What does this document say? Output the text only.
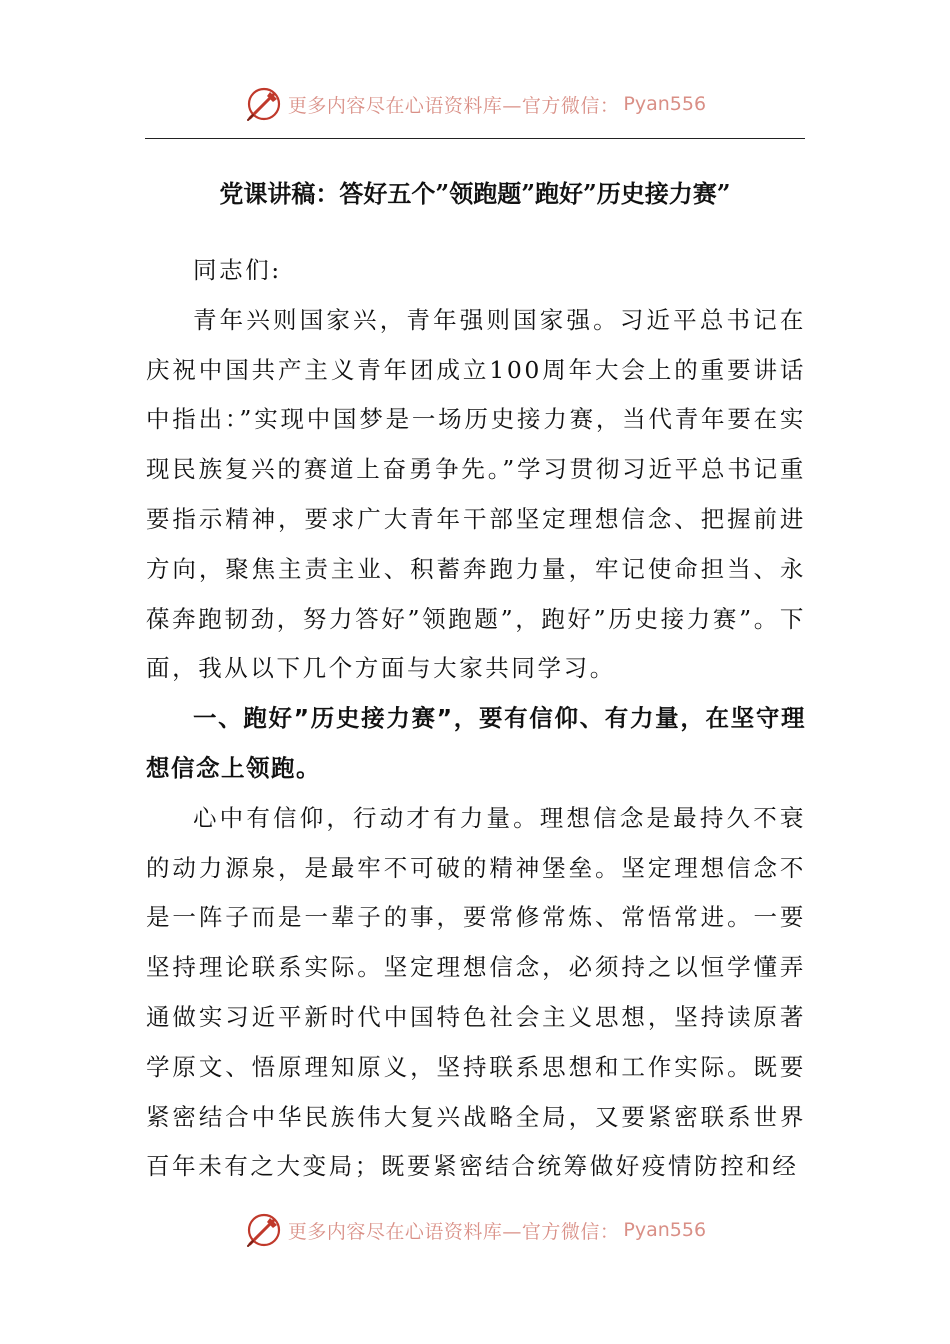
更多内容尽在心语资料库—官方微信： Pyan556
党课讲稿：答好五个”领跑题”跑好”历史接力赛”

同志们:

青年兴则国家兴，青年强则国家强。习近平总书记在庆祝中国共产主义青年团成立100周年大会上的重要讲话中指出：”实现中国梦是一场历史接力赛，当代青年要在实现民族复兴的赛道上奋勇争先。”学习贯彻习近平总书记重要指示精神，要求广大青年干部坚定理想信念、把握前进方向，聚焦主责主业、积蓄奔跑力量，牢记使命担当、永葆奔跑韧劲，努力答好”领跑题”，跑好”历史接力赛”。下面，我从以下几个方面与大家共同学习。

一、跑好”历史接力赛”，要有信仰、有力量，在坚守理想信念上领跑。

心中有信仰，行动才有力量。理想信念是最持久不衰的动力源泉，是最牢不可破的精神堡垒。坚定理想信念不是一阵子而是一辈子的事，要常修常炼、常悟常进。一要坚持理论联系实际。坚定理想信念，必须持之以恒学懂弄通做实习近平新时代中国特色社会主义思想，坚持读原著学原文、悟原理知原义，坚持联系思想和工作实际。既要紧密结合中华民族伟大复兴战略全局，又要紧密联系世界百年未有之大变局；既要紧密结合统筹做好疫情防控和经

更多内容尽在心语资料库—官方微信： Pyan556
